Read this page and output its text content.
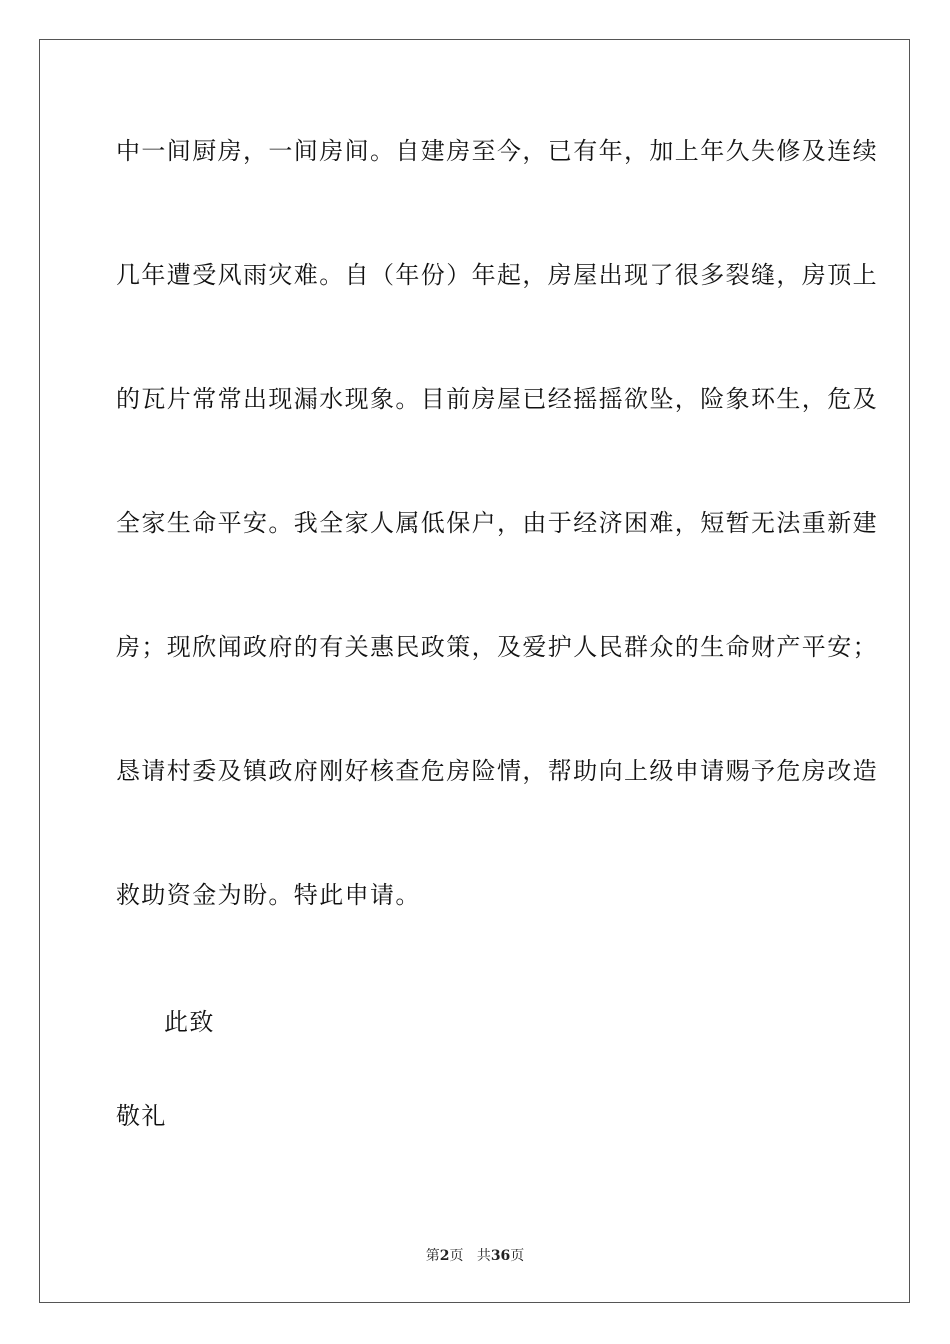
中一间厨房，一间房间。自建房至今，已有年，加上年久失修及连续
几年遭受风雨灾难。自（年份）年起，房屋出现了很多裂缝，房顶上
的瓦片常常出现漏水现象。目前房屋已经摇摇欲坠，险象环生，危及
全家生命平安。我全家人属低保户，由于经济困难，短暂无法重新建
房；现欣闻政府的有关惠民政策，及爱护人民群众的生命财产平安；
恳请村委及镇政府刚好核查危房险情，帮助向上级申请赐予危房改造
救助资金为盼。特此申请。
此致
敬礼
第2页 共36页
